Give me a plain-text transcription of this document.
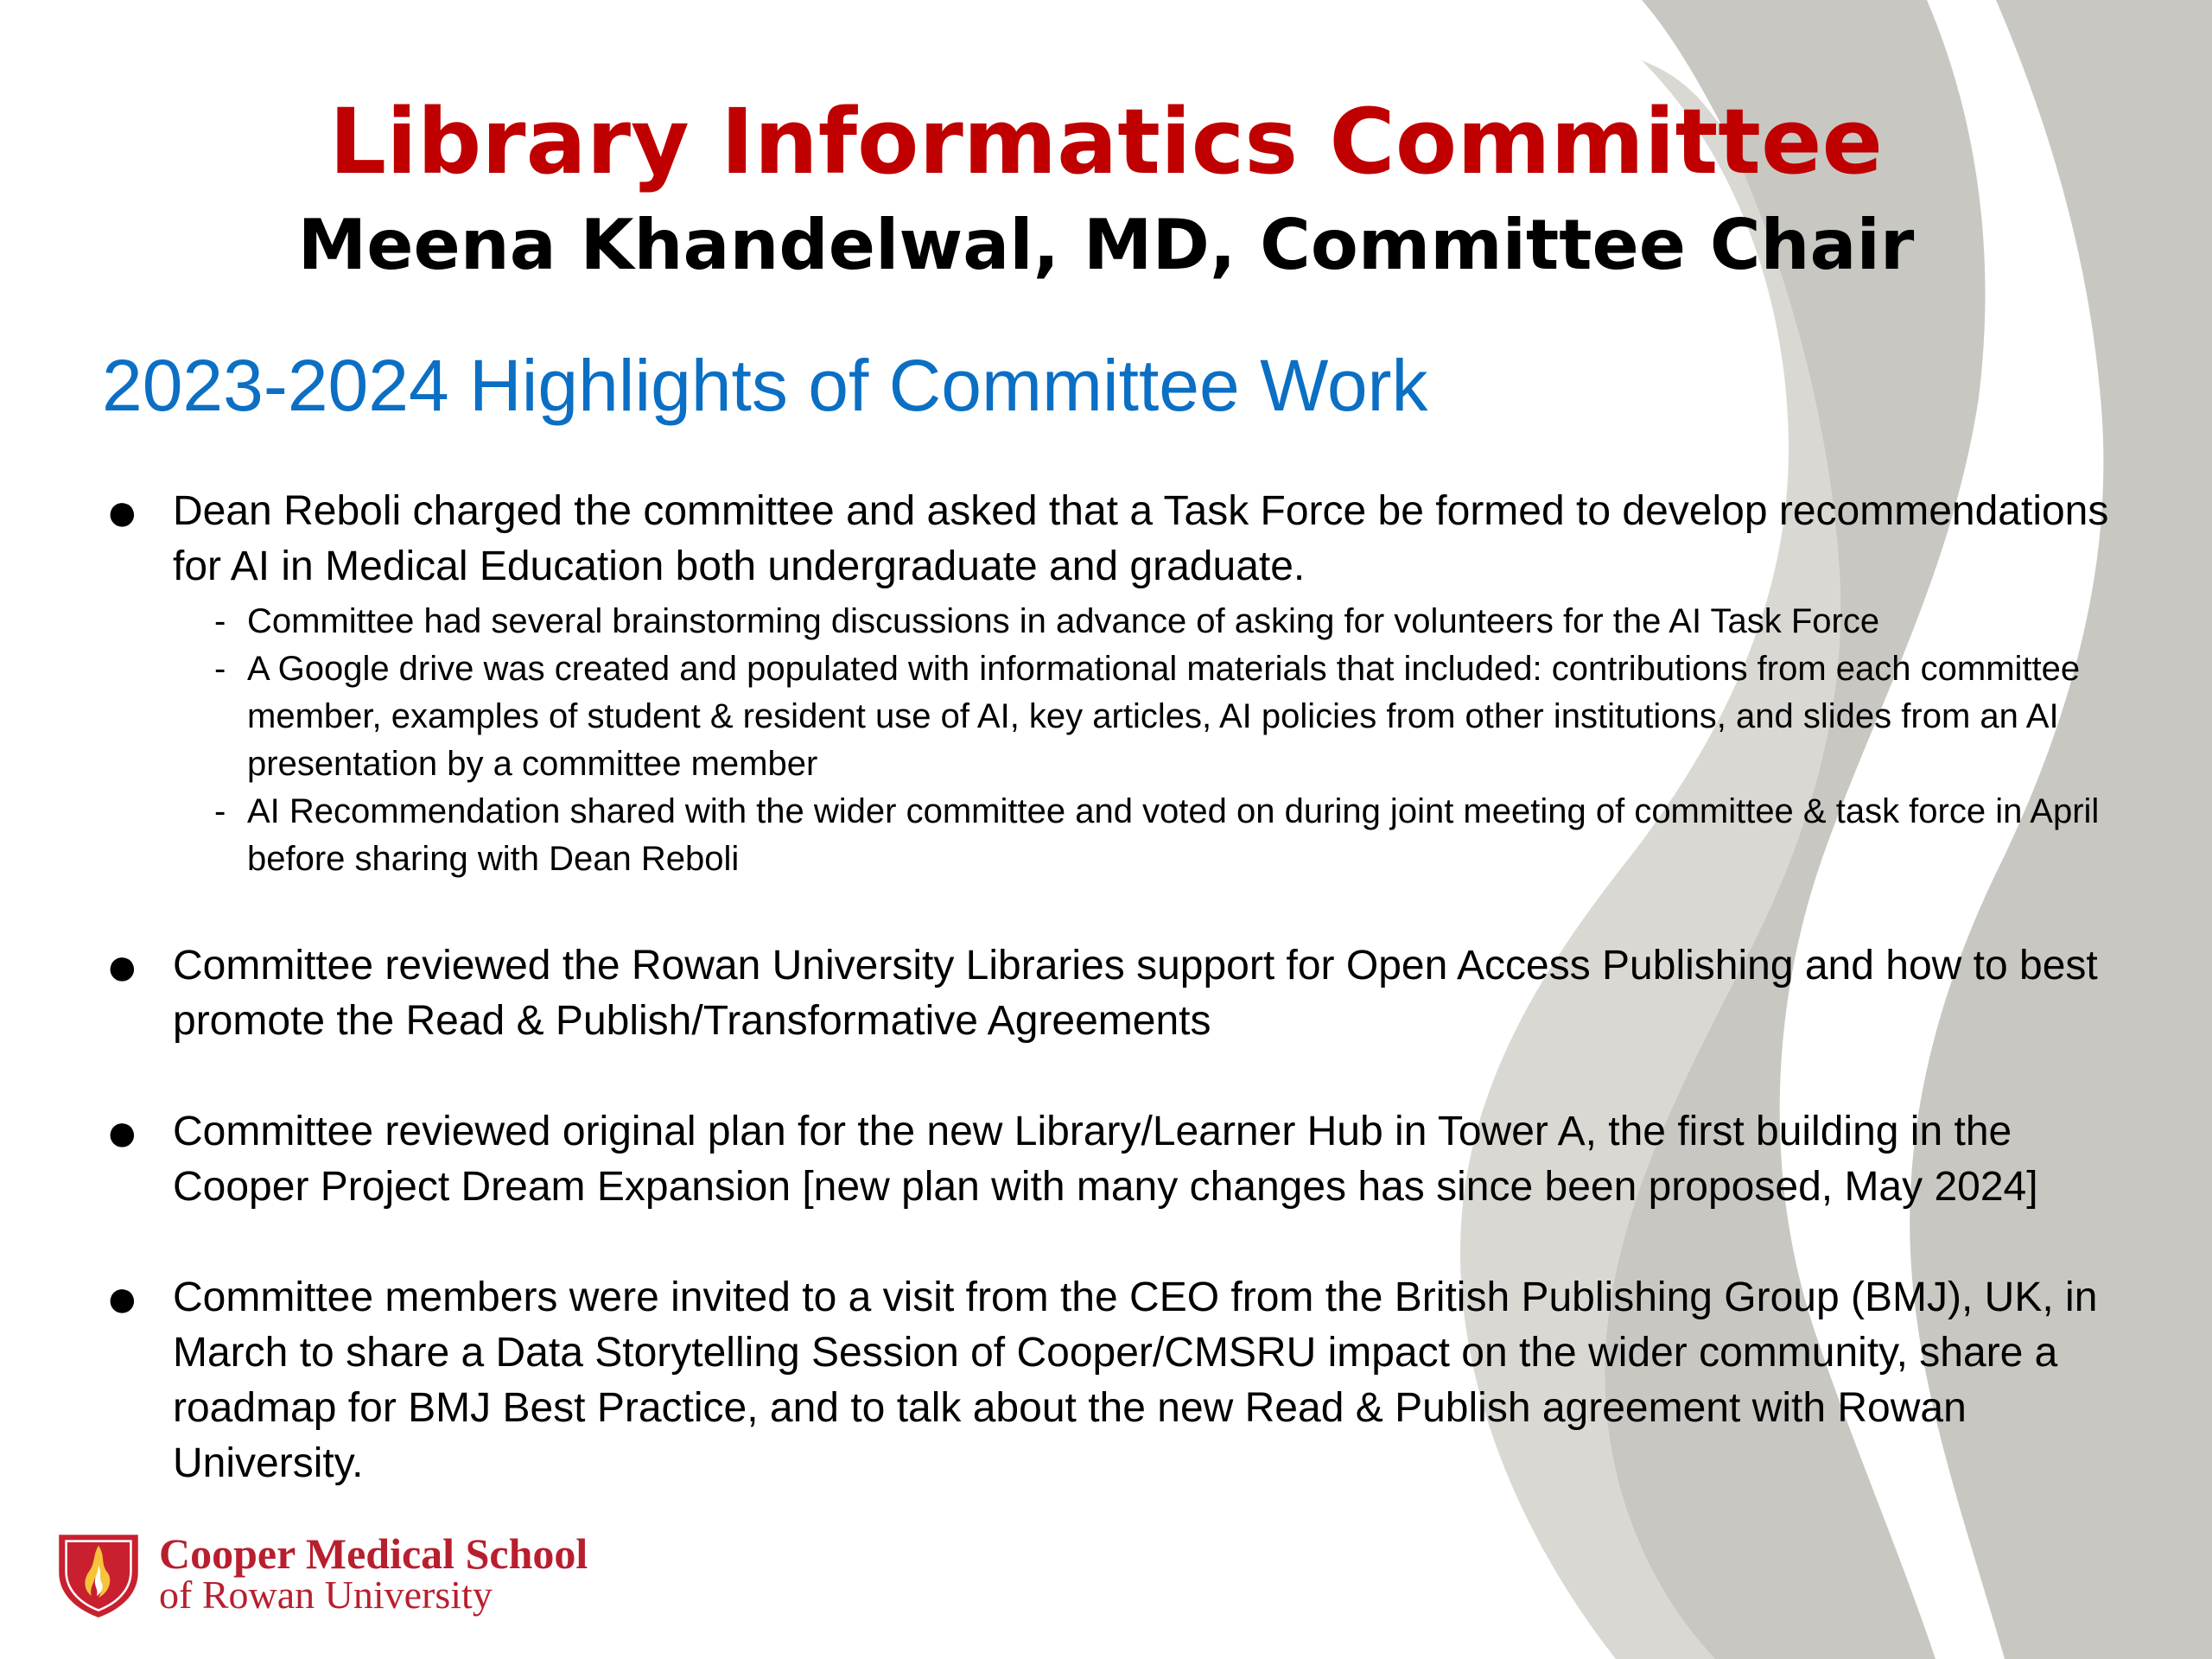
Library Informatics Committee
Meena Khandelwal, MD, Committee Chair
2023-2024 Highlights of Committee Work
● Dean Reboli charged the committee and asked that a Task Force be formed to develop recommendations for AI in Medical Education both undergraduate and graduate.
- Committee had several brainstorming discussions in advance of asking for volunteers for the AI Task Force
- A Google drive was created and populated with informational materials that included: contributions from each committee member, examples of student & resident use of AI, key articles, AI policies from other institutions, and slides from an AI presentation by a committee member
- AI Recommendation shared with the wider committee and voted on during joint meeting of committee & task force in April before sharing with Dean Reboli
● Committee reviewed the Rowan University Libraries support for Open Access Publishing and how to best promote the Read & Publish/Transformative Agreements
● Committee reviewed original plan for the new Library/Learner Hub in Tower A, the first building in the Cooper Project Dream Expansion [new plan with many changes has since been proposed, May 2024]
● Committee members were invited to a visit from the CEO from the British Publishing Group (BMJ), UK, in March to share a Data Storytelling Session of Cooper/CMSRU impact on the wider community, share a roadmap for BMJ Best Practice, and to talk about the new Read & Publish agreement with Rowan University.
Cooper Medical School
of Rowan University
